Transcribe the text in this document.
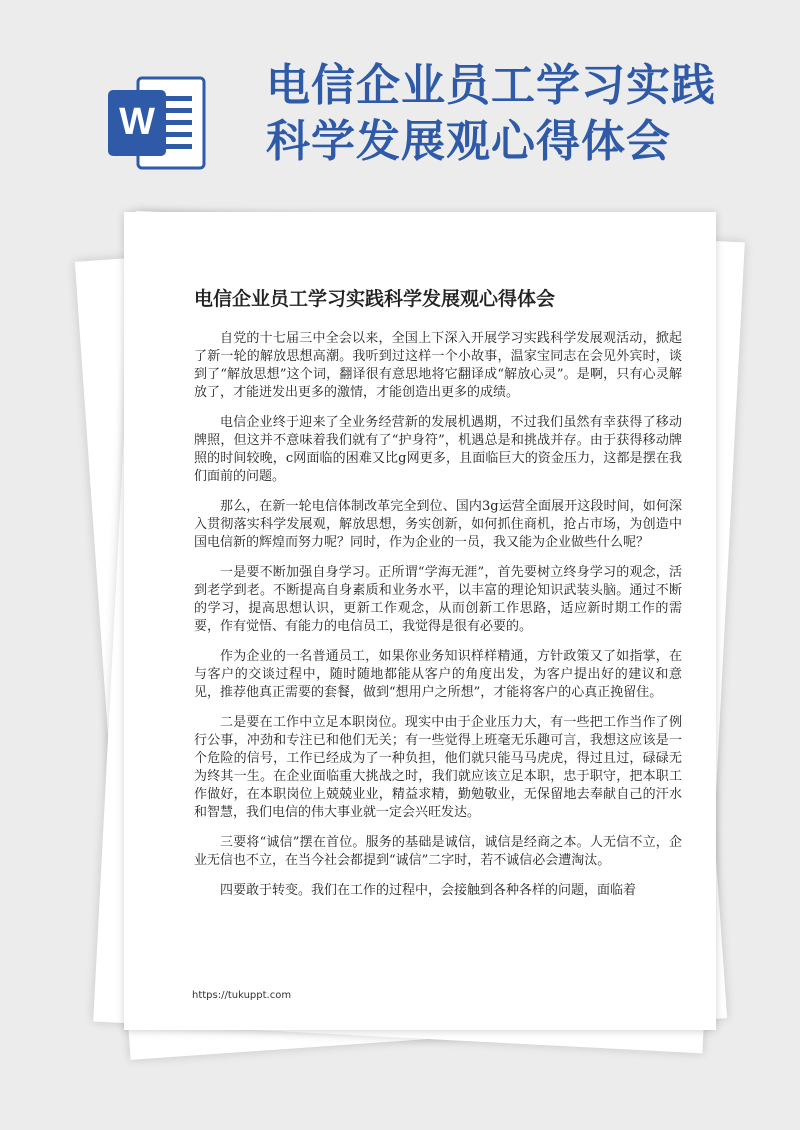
W
电信企业员工学习实践
科学发展观心得体会
电信企业员工学习实践科学发展观心得体会

自党的十七届三中全会以来，全国上下深入开展学习实践科学发展观活动，掀起了新一轮的解放思想高潮。我听到过这样一个小故事，温家宝同志在会见外宾时，谈到了“解放思想”这个词，翻译很有意思地将它翻译成“解放心灵”。是啊，只有心灵解放了，才能迸发出更多的激情，才能创造出更多的成绩。

电信企业终于迎来了全业务经营新的发展机遇期，不过我们虽然有幸获得了移动牌照，但这并不意味着我们就有了“护身符”，机遇总是和挑战并存。由于获得移动牌照的时间较晚，c网面临的困难又比g网更多，且面临巨大的资金压力，这都是摆在我们面前的问题。

那么，在新一轮电信体制改革完全到位、国内3g运营全面展开这段时间，如何深入贯彻落实科学发展观，解放思想，务实创新，如何抓住商机，抢占市场，为创造中国电信新的辉煌而努力呢？同时，作为企业的一员，我又能为企业做些什么呢？

一是要不断加强自身学习。正所谓“学海无涯”，首先要树立终身学习的观念，活到老学到老。不断提高自身素质和业务水平，以丰富的理论知识武装头脑。通过不断的学习，提高思想认识，更新工作观念，从而创新工作思路，适应新时期工作的需要，作有觉悟、有能力的电信员工，我觉得是很有必要的。

作为企业的一名普通员工，如果你业务知识样样精通，方针政策又了如指掌，在与客户的交谈过程中，随时随地都能从客户的角度出发，为客户提出好的建议和意见，推荐他真正需要的套餐，做到“想用户之所想”，才能将客户的心真正挽留住。

二是要在工作中立足本职岗位。现实中由于企业压力大，有一些把工作当作了例行公事，冲劲和专注已和他们无关；有一些觉得上班毫无乐趣可言，我想这应该是一个危险的信号，工作已经成为了一种负担，他们就只能马马虎虎，得过且过，碌碌无为终其一生。在企业面临重大挑战之时，我们就应该立足本职，忠于职守，把本职工作做好，在本职岗位上兢兢业业，精益求精，勤勉敬业，无保留地去奉献自己的汗水和智慧，我们电信的伟大事业就一定会兴旺发达。

三要将“诚信”摆在首位。服务的基础是诚信，诚信是经商之本。人无信不立，企业无信也不立，在当今社会都提到“诚信”二字时，若不诚信必会遭淘汰。

四要敢于转变。我们在工作的过程中，会接触到各种各样的问题，面临着

https://tukuppt.com
